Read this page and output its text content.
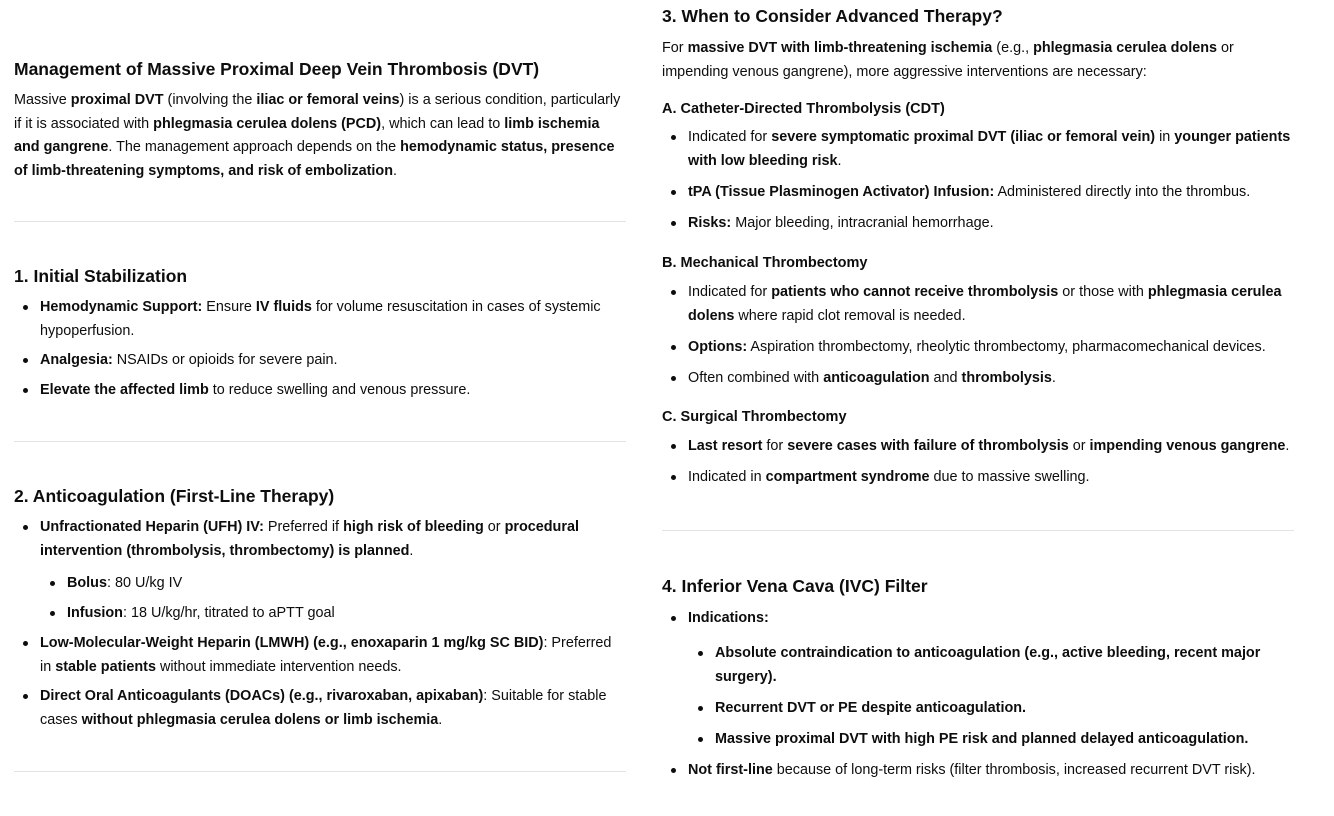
Management of Massive Proximal Deep Vein Thrombosis (DVT)

Massive proximal DVT (involving the iliac or femoral veins) is a serious condition, particularly if it is associated with phlegmasia cerulea dolens (PCD), which can lead to limb ischemia and gangrene. The management approach depends on the hemodynamic status, presence of limb-threatening symptoms, and risk of embolization.

1. Initial Stabilization
Hemodynamic Support: Ensure IV fluids for volume resuscitation in cases of systemic hypoperfusion.
Analgesia: NSAIDs or opioids for severe pain.
Elevate the affected limb to reduce swelling and venous pressure.
2. Anticoagulation (First-Line Therapy)
Unfractionated Heparin (UFH) IV: Preferred if high risk of bleeding or procedural intervention (thrombolysis, thrombectomy) is planned.
Bolus: 80 U/kg IV
Infusion: 18 U/kg/hr, titrated to aPTT goal
Low-Molecular-Weight Heparin (LMWH) (e.g., enoxaparin 1 mg/kg SC BID): Preferred in stable patients without immediate intervention needs.
Direct Oral Anticoagulants (DOACs) (e.g., rivaroxaban, apixaban): Suitable for stable cases without phlegmasia cerulea dolens or limb ischemia.
3. When to Consider Advanced Therapy?

For massive DVT with limb-threatening ischemia (e.g., phlegmasia cerulea dolens or impending venous gangrene), more aggressive interventions are necessary:

A. Catheter-Directed Thrombolysis (CDT)
Indicated for severe symptomatic proximal DVT (iliac or femoral vein) in younger patients with low bleeding risk.
tPA (Tissue Plasminogen Activator) Infusion: Administered directly into the thrombus.
Risks: Major bleeding, intracranial hemorrhage.
B. Mechanical Thrombectomy
Indicated for patients who cannot receive thrombolysis or those with phlegmasia cerulea dolens where rapid clot removal is needed.
Options: Aspiration thrombectomy, rheolytic thrombectomy, pharmacomechanical devices.
Often combined with anticoagulation and thrombolysis.
C. Surgical Thrombectomy
Last resort for severe cases with failure of thrombolysis or impending venous gangrene.
Indicated in compartment syndrome due to massive swelling.
4. Inferior Vena Cava (IVC) Filter
Indications:
Absolute contraindication to anticoagulation (e.g., active bleeding, recent major surgery).
Recurrent DVT or PE despite anticoagulation.
Massive proximal DVT with high PE risk and planned delayed anticoagulation.
Not first-line because of long-term risks (filter thrombosis, increased recurrent DVT risk).
